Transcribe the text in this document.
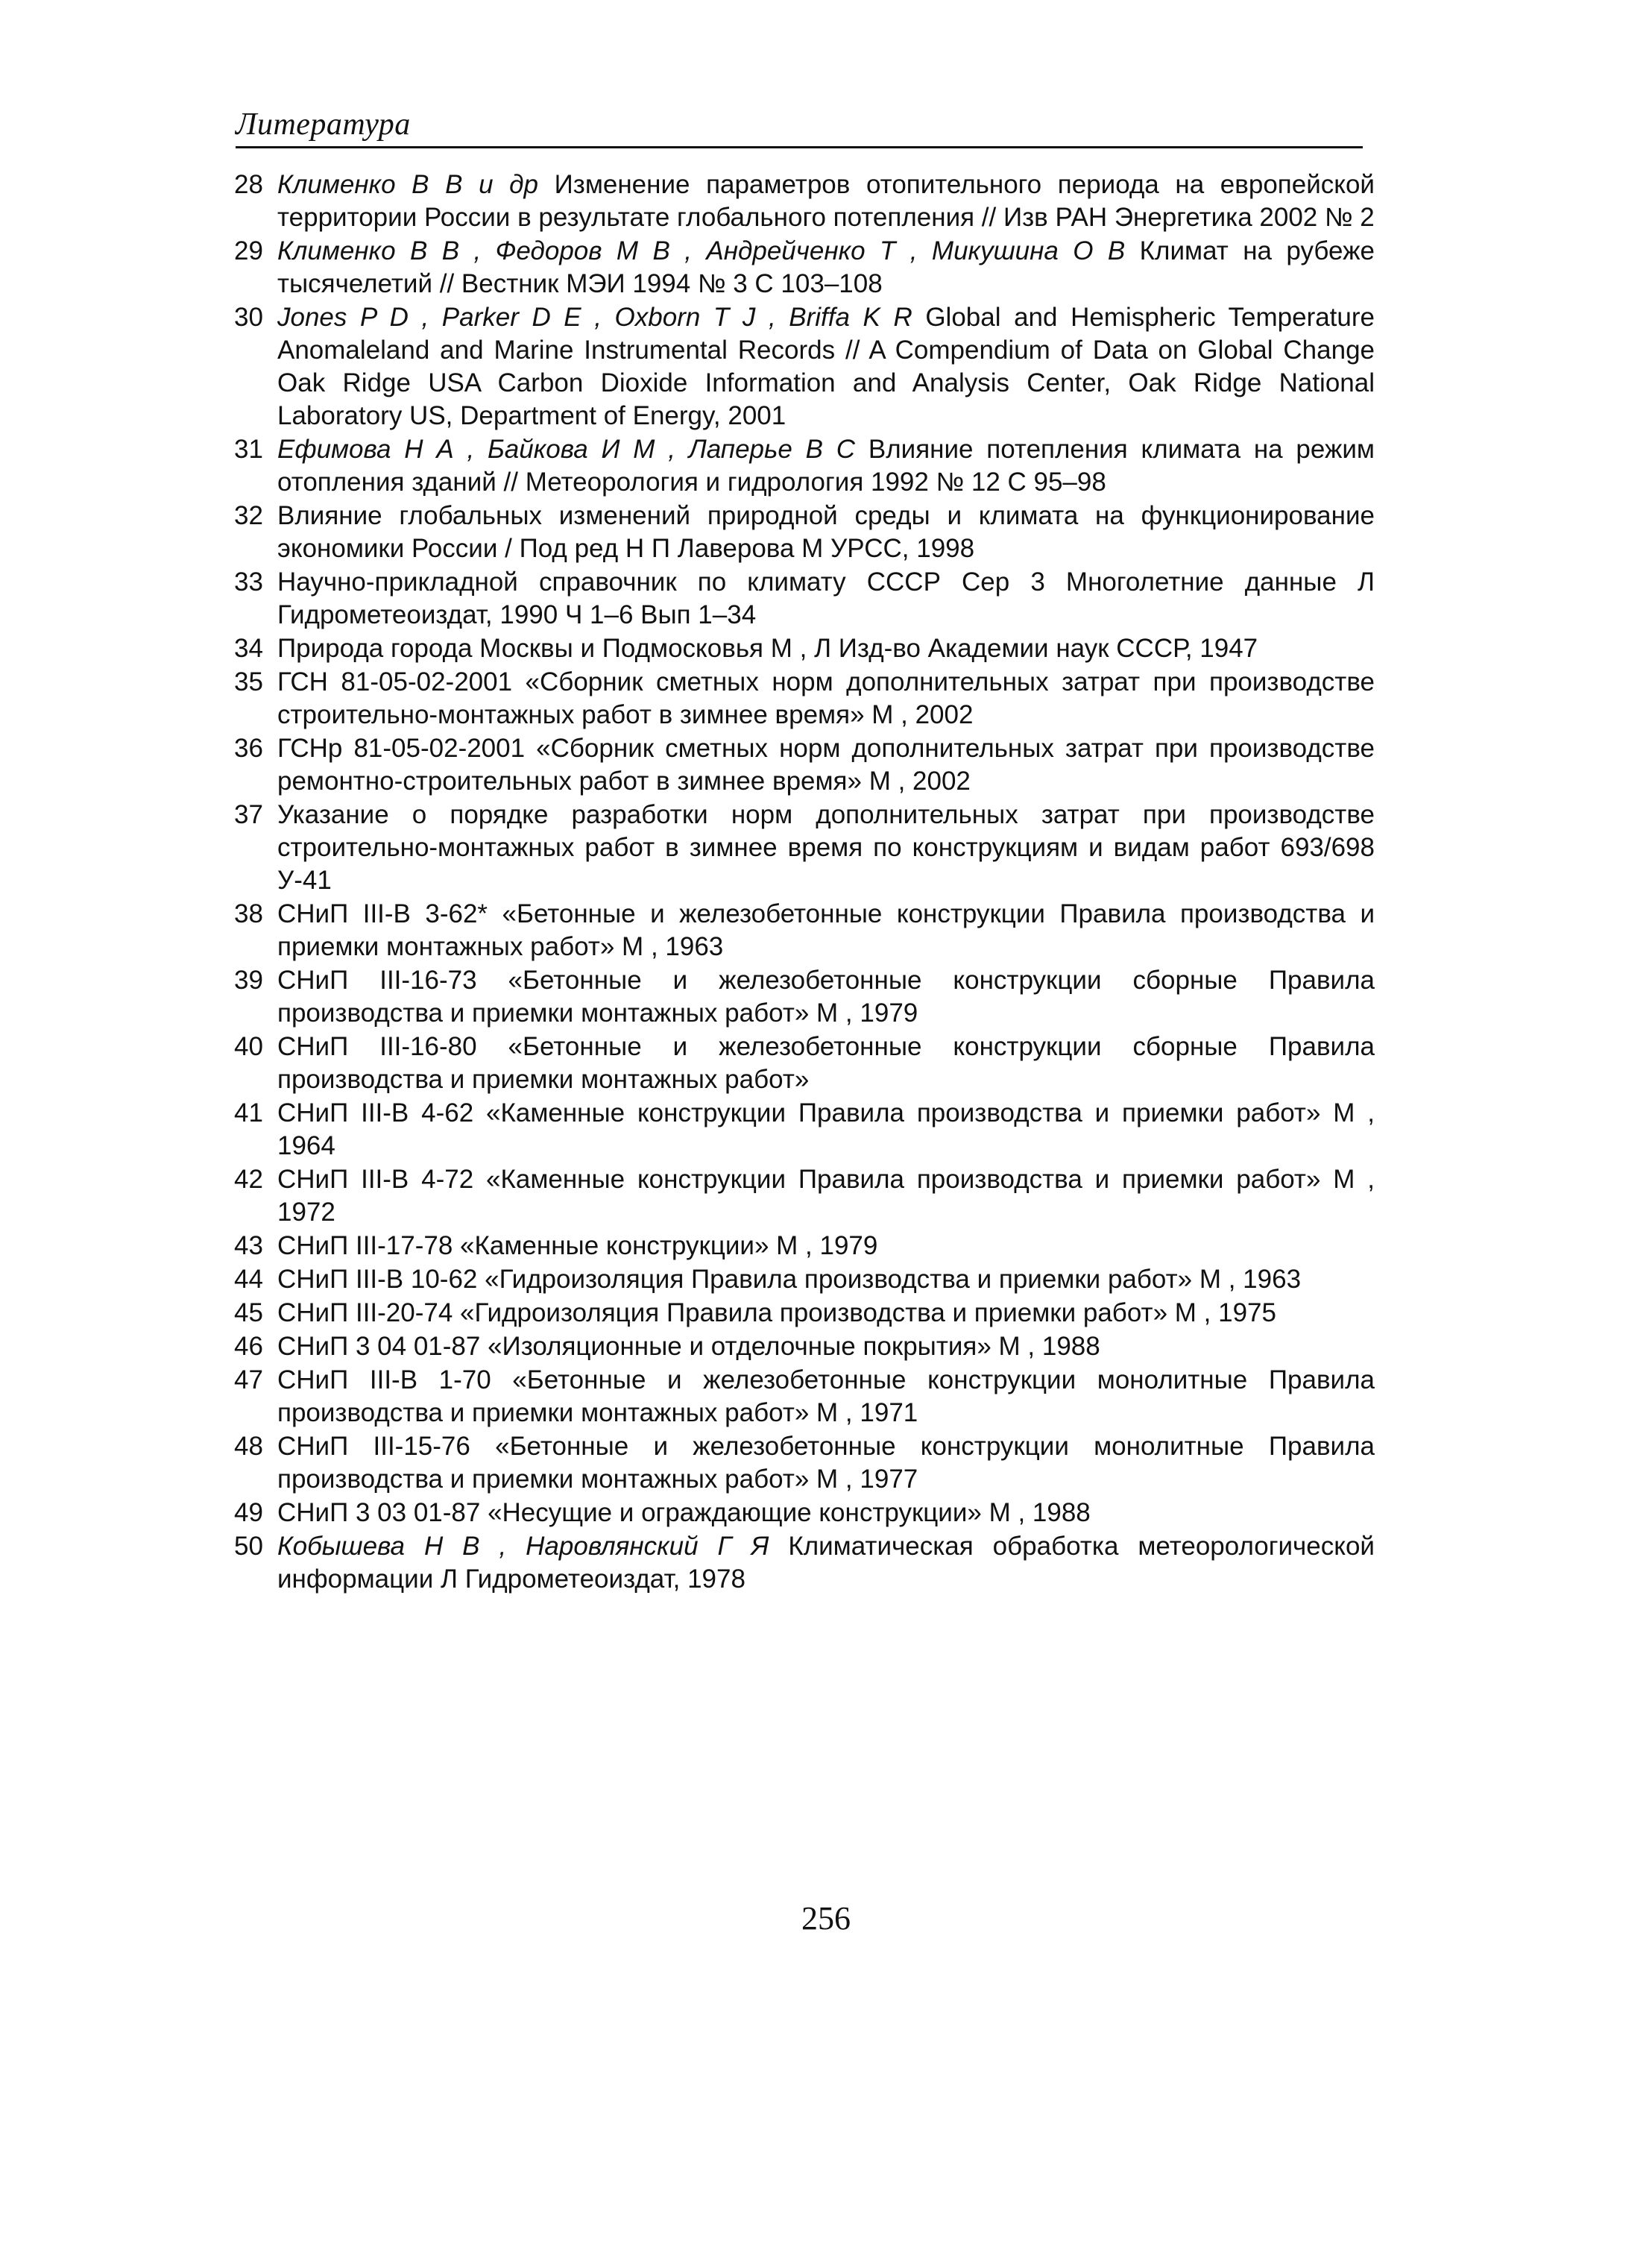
Литература
28 Клименко В В и др Изменение параметров отопительного периода на европейской территории России в результате глобального потепления // Изв РАН Энергетика 2002 № 2
29 Клименко В В , Федоров М В , Андрейченко Т , Микушина О В Климат на рубеже тысячелетий // Вестник МЭИ 1994 № 3 С 103–108
30 Jones P D , Parker D E , Oxborn T J , Briffa K R Global and Hemispheric Temperature Anomaleland and Marine Instrumental Records // A Compendium of Data on Global Change Oak Ridge USA Carbon Dioxide Information and Analysis Center, Oak Ridge National Laboratory US, Department of Energy, 2001
31 Ефимова Н А , Байкова И М , Лаперье В С Влияние потепления климата на режим отопления зданий // Метеорология и гидрология 1992 № 12 С 95–98
32 Влияние глобальных изменений природной среды и климата на функционирование экономики России / Под ред Н П Лаверова М УРСС, 1998
33 Научно-прикладной справочник по климату СССР Сер 3 Многолетние данные Л Гидрометеоиздат, 1990 Ч 1–6 Вып 1–34
34 Природа города Москвы и Подмосковья М , Л Изд-во Академии наук СССР, 1947
35 ГСН 81-05-02-2001 «Сборник сметных норм дополнительных затрат при производстве строительно-монтажных работ в зимнее время» М , 2002
36 ГСНр 81-05-02-2001 «Сборник сметных норм дополнительных затрат при производстве ремонтно-строительных работ в зимнее время» М , 2002
37 Указание о порядке разработки норм дополнительных затрат при производстве строительно-монтажных работ в зимнее время по конструкциям и видам работ 693/698 У-41
38 СНиП III-В 3-62* «Бетонные и железобетонные конструкции Правила производства и приемки монтажных работ» М , 1963
39 СНиП III-16-73 «Бетонные и железобетонные конструкции сборные Правила производства и приемки монтажных работ» М , 1979
40 СНиП III-16-80 «Бетонные и железобетонные конструкции сборные Правила производства и приемки монтажных работ»
41 СНиП III-В 4-62 «Каменные конструкции Правила производства и приемки работ» М , 1964
42 СНиП III-В 4-72 «Каменные конструкции Правила производства и приемки работ» М , 1972
43 СНиП III-17-78 «Каменные конструкции» М , 1979
44 СНиП III-В 10-62 «Гидроизоляция Правила производства и приемки работ» М , 1963
45 СНиП III-20-74 «Гидроизоляция Правила производства и приемки работ» М , 1975
46 СНиП 3 04 01-87 «Изоляционные и отделочные покрытия» М , 1988
47 СНиП III-В 1-70 «Бетонные и железобетонные конструкции монолитные Правила производства и приемки монтажных работ» М , 1971
48 СНиП III-15-76 «Бетонные и железобетонные конструкции монолитные Правила производства и приемки монтажных работ» М , 1977
49 СНиП 3 03 01-87 «Несущие и ограждающие конструкции» М , 1988
50 Кобышева Н В , Наровлянский Г Я Климатическая обработка метеорологической информации Л Гидрометеоиздат, 1978
256
